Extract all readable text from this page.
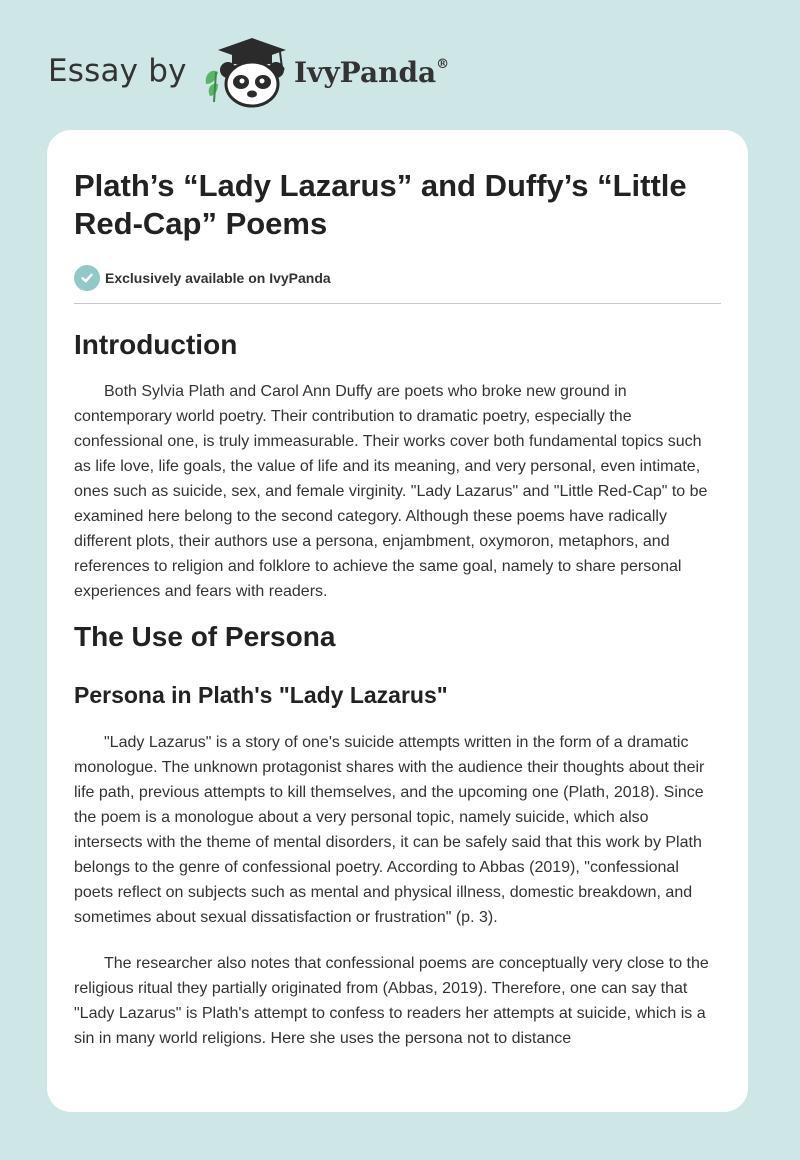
Essay by	IvyPanda®
Plath’s “Lady Lazarus” and Duffy’s “Little Red-Cap” Poems
Exclusively available on IvyPanda
Introduction

Both Sylvia Plath and Carol Ann Duffy are poets who broke new ground in contemporary world poetry. Their contribution to dramatic poetry, especially the confessional one, is truly immeasurable. Their works cover both fundamental topics such as life love, life goals, the value of life and its meaning, and very personal, even intimate, ones such as suicide, sex, and female virginity. "Lady Lazarus" and "Little Red-Cap" to be examined here belong to the second category. Although these poems have radically different plots, their authors use a persona, enjambment, oxymoron, metaphors, and references to religion and folklore to achieve the same goal, namely to share personal experiences and fears with readers.

The Use of Persona
Persona in Plath's "Lady Lazarus"

"Lady Lazarus" is a story of one's suicide attempts written in the form of a dramatic monologue. The unknown protagonist shares with the audience their thoughts about their life path, previous attempts to kill themselves, and the upcoming one (Plath, 2018). Since the poem is a monologue about a very personal topic, namely suicide, which also intersects with the theme of mental disorders, it can be safely said that this work by Plath belongs to the genre of confessional poetry. According to Abbas (2019), "confessional poets reflect on subjects such as mental and physical illness, domestic breakdown, and sometimes about sexual dissatisfaction or frustration" (p. 3).

The researcher also notes that confessional poems are conceptually very close to the religious ritual they partially originated from (Abbas, 2019). Therefore, one can say that "Lady Lazarus" is Plath's attempt to confess to readers her attempts at suicide, which is a sin in many world religions. Here she uses the persona not to distance
